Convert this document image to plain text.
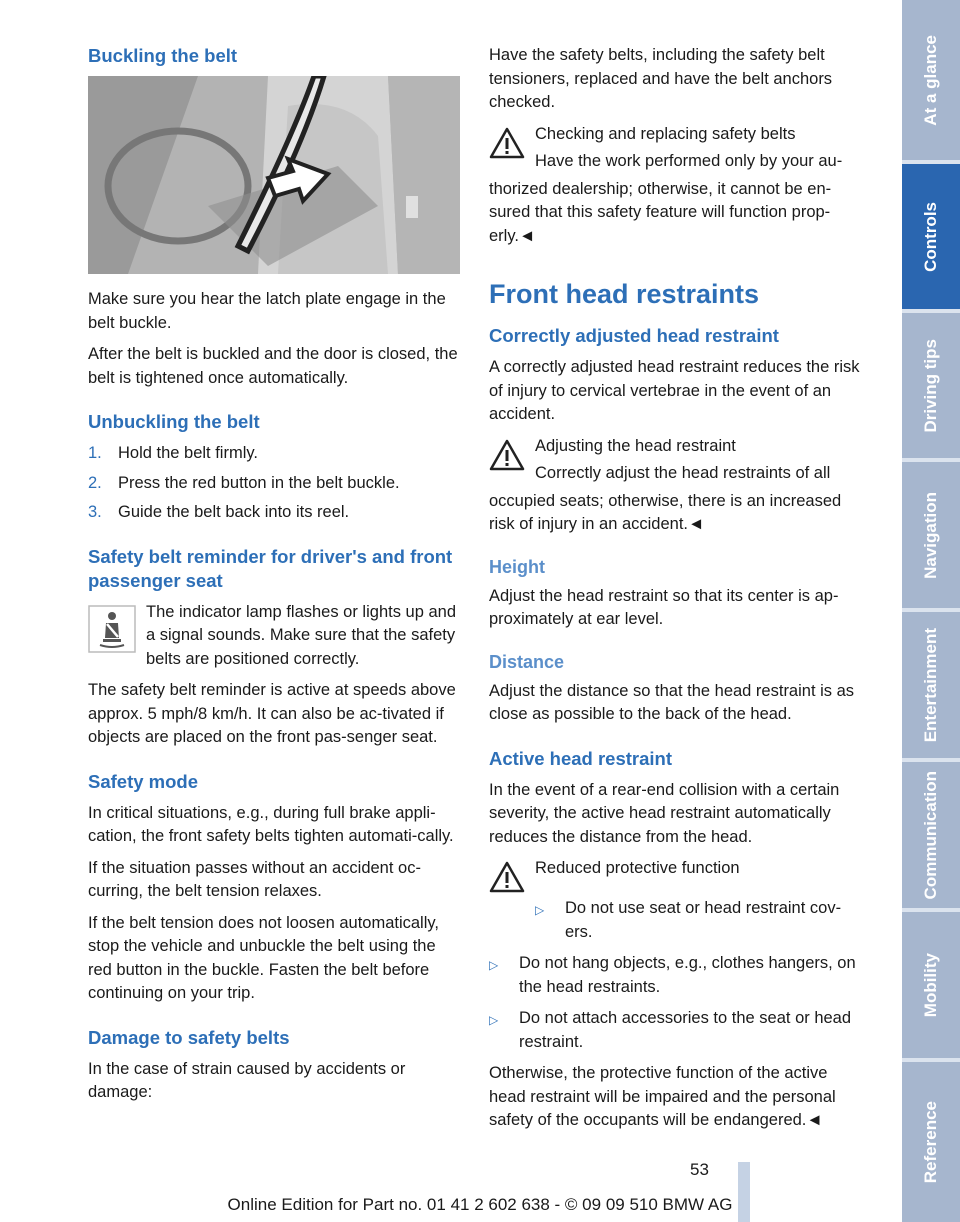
Buckling the belt

Make sure you hear the latch plate engage in the belt buckle.

After the belt is buckled and the door is closed, the belt is tightened once automatically.

Unbuckling the belt
1. Hold the belt firmly.
2. Press the red button in the belt buckle.
3. Guide the belt back into its reel.
Safety belt reminder for driver's and front passenger seat

The indicator lamp flashes or lights up and a signal sounds. Make sure that the safety belts are positioned correctly.

The safety belt reminder is active at speeds above approx. 5 mph/8 km/h. It can also be ac-tivated if objects are placed on the front pas-senger seat.

Safety mode

In critical situations, e.g., during full brake appli-cation, the front safety belts tighten automati-cally.

If the situation passes without an accident oc-curring, the belt tension relaxes.

If the belt tension does not loosen automatically, stop the vehicle and unbuckle the belt using the red button in the buckle. Fasten the belt before continuing on your trip.

Damage to safety belts

In the case of strain caused by accidents or damage:

Have the safety belts, including the safety belt tensioners, replaced and have the belt anchors checked.

Checking and replacing safety belts
Have the work performed only by your au-

thorized dealership; otherwise, it cannot be en-sured that this safety feature will function prop-erly.◄

Front head restraints
Correctly adjusted head restraint

A correctly adjusted head restraint reduces the risk of injury to cervical vertebrae in the event of an accident.

Adjusting the head restraint
Correctly adjust the head restraints of all

occupied seats; otherwise, there is an increased risk of injury in an accident.◄

Height

Adjust the head restraint so that its center is ap-proximately at ear level.

Distance

Adjust the distance so that the head restraint is as close as possible to the back of the head.

Active head restraint

In the event of a rear-end collision with a certain severity, the active head restraint automatically reduces the distance from the head.

Reduced protective function
▷	Do not use seat or head restraint cov-ers.
▷	Do not hang objects, e.g., clothes hangers, on the head restraints.
▷	Do not attach accessories to the seat or head restraint.

Otherwise, the protective function of the active head restraint will be impaired and the personal safety of the occupants will be endangered.◄

At a glance
Controls
Driving tips
Navigation
Entertainment
Communication
Mobility
Reference
53
Online Edition for Part no. 01 41 2 602 638 - © 09 09 510 BMW AG
